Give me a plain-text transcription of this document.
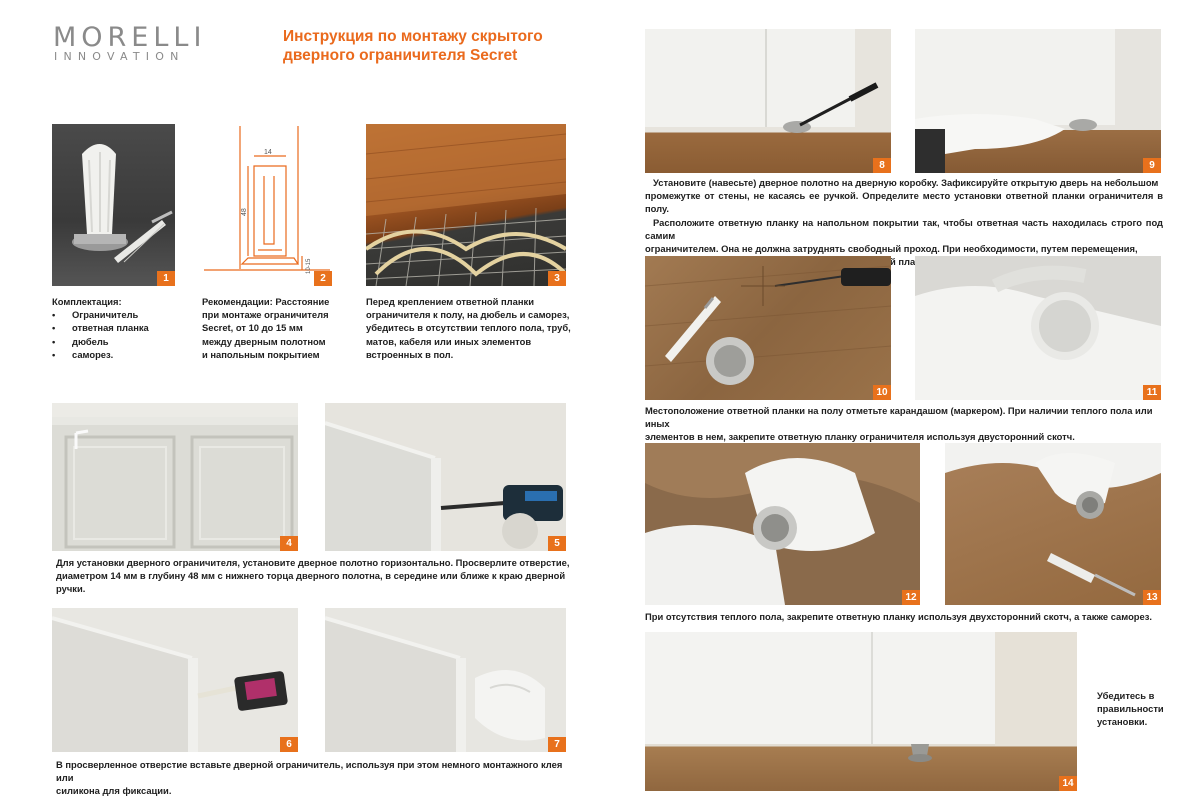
MORELLI
INNOVATION
Инструкция по монтажу скрытого
дверного ограничителя Secret
1
14
48
10-15
2	3

Комплектация:

• Ограничитель
• ответная планка
• дюбель
• саморез.

Рекомендации: Расстояние

при монтаже ограничителя

Secret, от 10 до 15 мм

между дверным полотном

и напольным покрытием

Перед креплением ответной планки

ограничителя к полу, на дюбель и саморез,

убедитесь в отсутствии теплого пола, труб,

матов, кабеля или иных элементов

встроенных в пол.

4	5

Для установки дверного ограничителя, установите дверное полотно горизонтально. Просверлите отверстие,

диаметром 14 мм в глубину 48 мм с нижнего торца дверного полотна, в середине или ближе к краю дверной ручки.

6	7

В просверленное отверстие вставьте дверной ограничитель, используя при этом немного монтажного клея или

силикона для фиксации.

8	9

Установите (навесьте) дверное полотно на дверную коробку. Зафиксируйте открытую дверь на небольшом

промежутке от стены, не касаясь ее ручкой. Определите место установки ответной планки ограничителя в полу.

Расположите ответную планку на напольном покрытии так, чтобы ответная часть находилась строго под самим

ограничителем. Она не должна затруднять свободный проход. При необходимости, путем перемещения,

10	11

Местоположение ответной планки на полу отметьте карандашом (маркером). При наличии теплого пола или иных

элементов в нем, закрепите ответную планку ограничителя используя двусторонний скотч.

12	13
При отсутствия теплого пола, закрепите ответную планку используя двухсторонний скотч, а также саморез.
14

Убедитесь в

правильности

установки.
